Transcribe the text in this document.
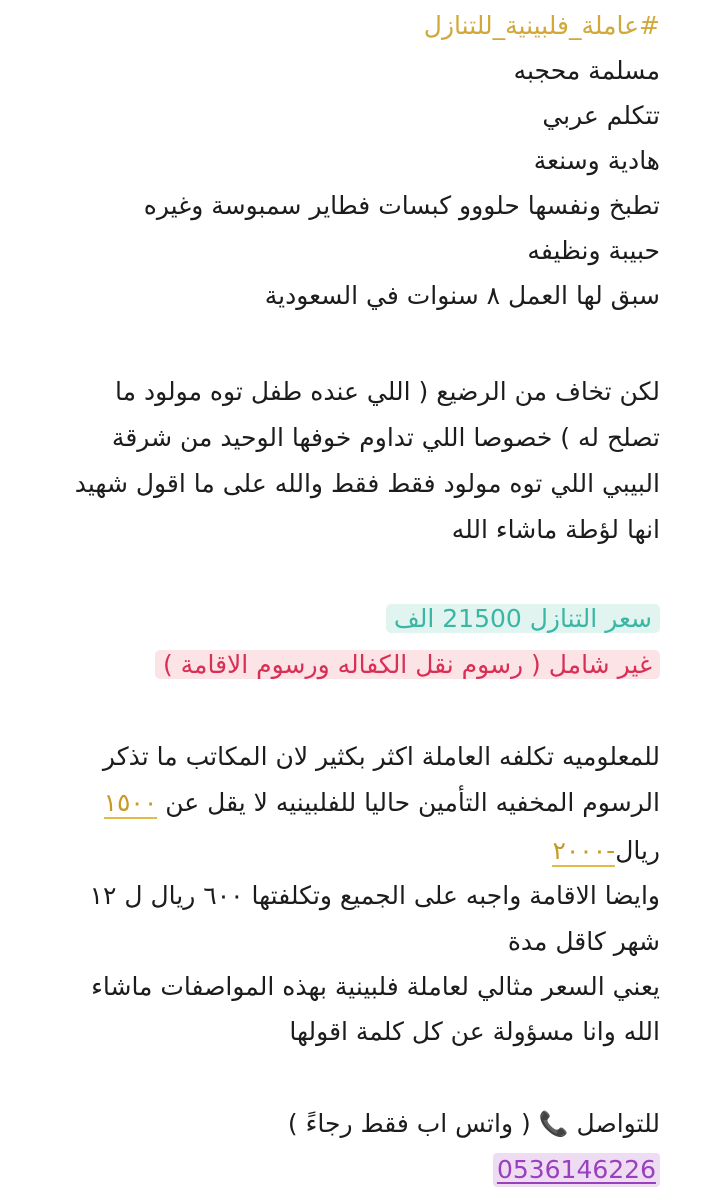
#عاملة_فلبينية_للتنازل
مسلمة محجبه
تتكلم عربي
هادية وسنعة
تطبخ ونفسها حلووو كبسات فطاير سمبوسة وغيره
حبيبة ونظيفه
سبق لها العمل ٨ سنوات في السعودية
لكن تخاف من الرضيع ( اللي عنده طفل توه مولود ما
تصلح له ) خصوصا اللي تداوم خوفها الوحيد من شرقة
البيبي اللي توه مولود فقط فقط والله على ما اقول شهيد
انها لؤطة ماشاء الله
سعر التنازل 21500 الف
غير شامل ( رسوم نقل الكفاله ورسوم الاقامة )
للمعلوميه تكلفه العاملة اكثر بكثير لان المكاتب ما تذكر
الرسوم المخفيه التأمين حاليا للفلبينيه لا يقل عن ١٥٠٠
ريال-٢٠٠٠
وايضا الاقامة واجبه على الجميع وتكلفتها ٦٠٠ ريال ل ١٢
شهر كاقل مدة
يعني السعر مثالي لعاملة فلبينية بهذه المواصفات ماشاء
الله وانا مسؤولة عن كل كلمة اقولها
للتواصل 📞 ( واتس اب فقط رجاءً )
0536146226
